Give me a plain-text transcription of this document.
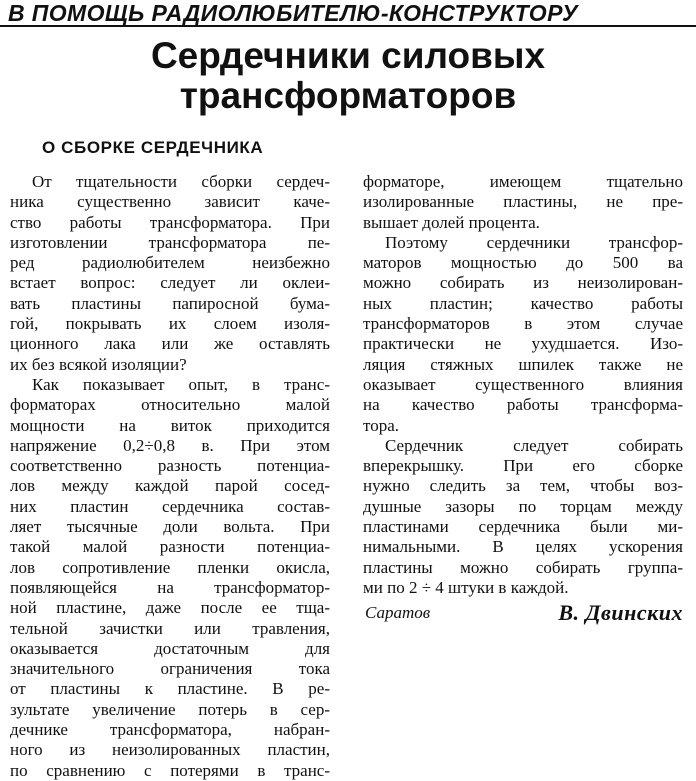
В ПОМОЩЬ РАДИОЛЮБИТЕЛЮ-КОНСТРУКТОРУ
Сердечники силовых
трансформаторов
О СБОРКЕ СЕРДЕЧНИКА
От тщательности сборки сердеч-
ника существенно зависит каче-
ство работы трансформатора. При
изготовлении трансформатора пе-
ред радиолюбителем неизбежно
встает вопрос: следует ли оклеи-
вать пластины папиросной бума-
гой, покрывать их слоем изоля-
ционного лака или же оставлять
их без всякой изоляции?
Как показывает опыт, в транс-
форматорах относительно малой
мощности на виток приходится
напряжение 0,2÷0,8 в. При этом
соответственно разность потенциа-
лов между каждой парой сосед-
них пластин сердечника состав-
ляет тысячные доли вольта. При
такой малой разности потенциа-
лов сопротивление пленки окисла,
появляющейся на трансформатор-
ной пластине, даже после ее тща-
тельной зачистки или травления,
оказывается достаточным для
значительного ограничения тока
от пластины к пластине. В ре-
зультате увеличение потерь в сер-
дечнике трансформатора, набран-
ного из неизолированных пластин,
по сравнению с потерями в транс-
форматоре, имеющем тщательно
изолированные пластины, не пре-
вышает долей процента.
Поэтому сердечники трансфор-
маторов мощностью до 500 ва
можно собирать из неизолирован-
ных пластин; качество работы
трансформаторов в этом случае
практически не ухудшается. Изо-
ляция стяжных шпилек также не
оказывает существенного влияния
на качество работы трансформа-
тора.
Сердечник следует собирать
вперекрышку. При его сборке
нужно следить за тем, чтобы воз-
душные зазоры по торцам между
пластинами сердечника были ми-
нимальными. В целях ускорения
пластины можно собирать группа-
ми по 2 ÷ 4 штуки в каждой.
Саратов	В. Двинских
